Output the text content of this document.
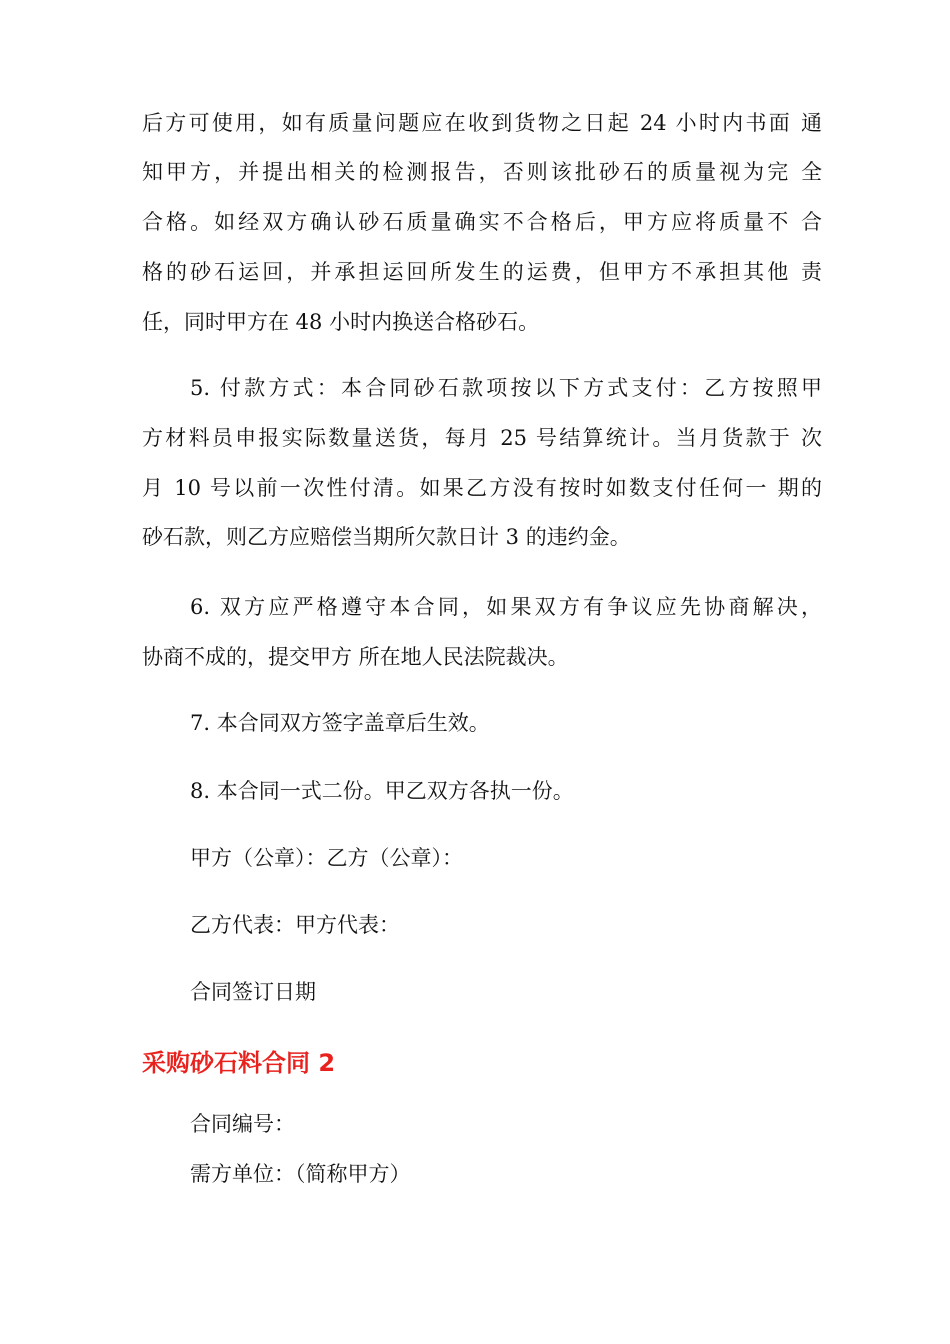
后方可使用，如有质量问题应在收到货物之日起 24 小时内书面 通
知甲方，并提出相关的检测报告，否则该批砂石的质量视为完 全
合格。如经双方确认砂石质量确实不合格后，甲方应将质量不 合
格的砂石运回，并承担运回所发生的运费，但甲方不承担其他 责
任，同时甲方在 48 小时内换送合格砂石。
5. 付款方式：本合同砂石款项按以下方式支付：乙方按照甲
方材料员申报实际数量送货，每月 25 号结算统计。当月货款于 次
月 10 号以前一次性付清。如果乙方没有按时如数支付任何一 期的
砂石款，则乙方应赔偿当期所欠款日计 3 的违约金。
6. 双方应严格遵守本合同，如果双方有争议应先协商解决，
协商不成的，提交甲方 所在地人民法院裁决。
7. 本合同双方签字盖章后生效。
8. 本合同一式二份。甲乙双方各执一份。
甲方（公章）：乙方（公章）：
乙方代表：甲方代表：
合同签订日期
采购砂石料合同 2
合同编号：
需方单位：（简称甲方）
